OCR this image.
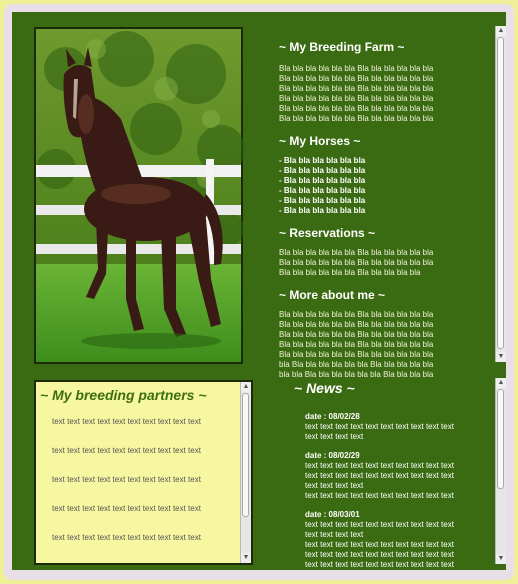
~ My Breeding Farm ~

Bla bla bla bla bla bla Bla bla bla bla bla bla

Bla bla bla bla bla bla Bla bla bla bla bla bla

Bla bla bla bla bla bla Bla bla bla bla bla bla

Bla bla bla bla bla bla Bla bla bla bla bla bla

Bla bla bla bla bla bla Bla bla bla bla bla bla

Bla bla bla bla bla bla Bla bla bla bla bla bla

~ My Horses ~

- Bla bla bla bla bla bla

- Bla bla bla bla bla bla

- Bla bla bla bla bla bla

- Bla bla bla bla bla bla

- Bla bla bla bla bla bla

- Bla bla bla bla bla bla

~ Reservations ~

Bla bla bla bla bla bla Bla bla bla bla bla bla

Bla bla bla bla bla bla Bla bla bla bla bla bla

Bla bla bla bla bla bla Bla bla bla bla bla

~ More about me ~

Bla bla bla bla bla bla Bla bla bla bla bla bla

Bla bla bla bla bla bla Bla bla bla bla bla bla

Bla bla bla bla bla bla Bla bla bla bla bla bla

Bla bla bla bla bla bla Bla bla bla bla bla bla

Bla bla bla bla bla bla Bla bla bla bla bla bla

bla Bla bla bla bla bla bla Bla bla bla bla bla

bla bla Bla bla bla bla bla bla Bla bla bla bla

▲
▼
~ My breeding partners ~
text text text text text text text text text text
text text text text text text text text text text
text text text text text text text text text text
text text text text text text text text text text
text text text text text text text text text text
▲
▼
~ News ~

date : 08/02/28

text text text text text text text text text text

text text text text

date : 08/02/29

text text text text text text text text text text

text text text text text text text text text text

text text text text

text text text text text text text text text text

date : 08/03/01

text text text text text text text text text text

text text text text

text text text text text text text text text text

text text text text text text text text text text

text text text text text text text text text text

▲
▼
